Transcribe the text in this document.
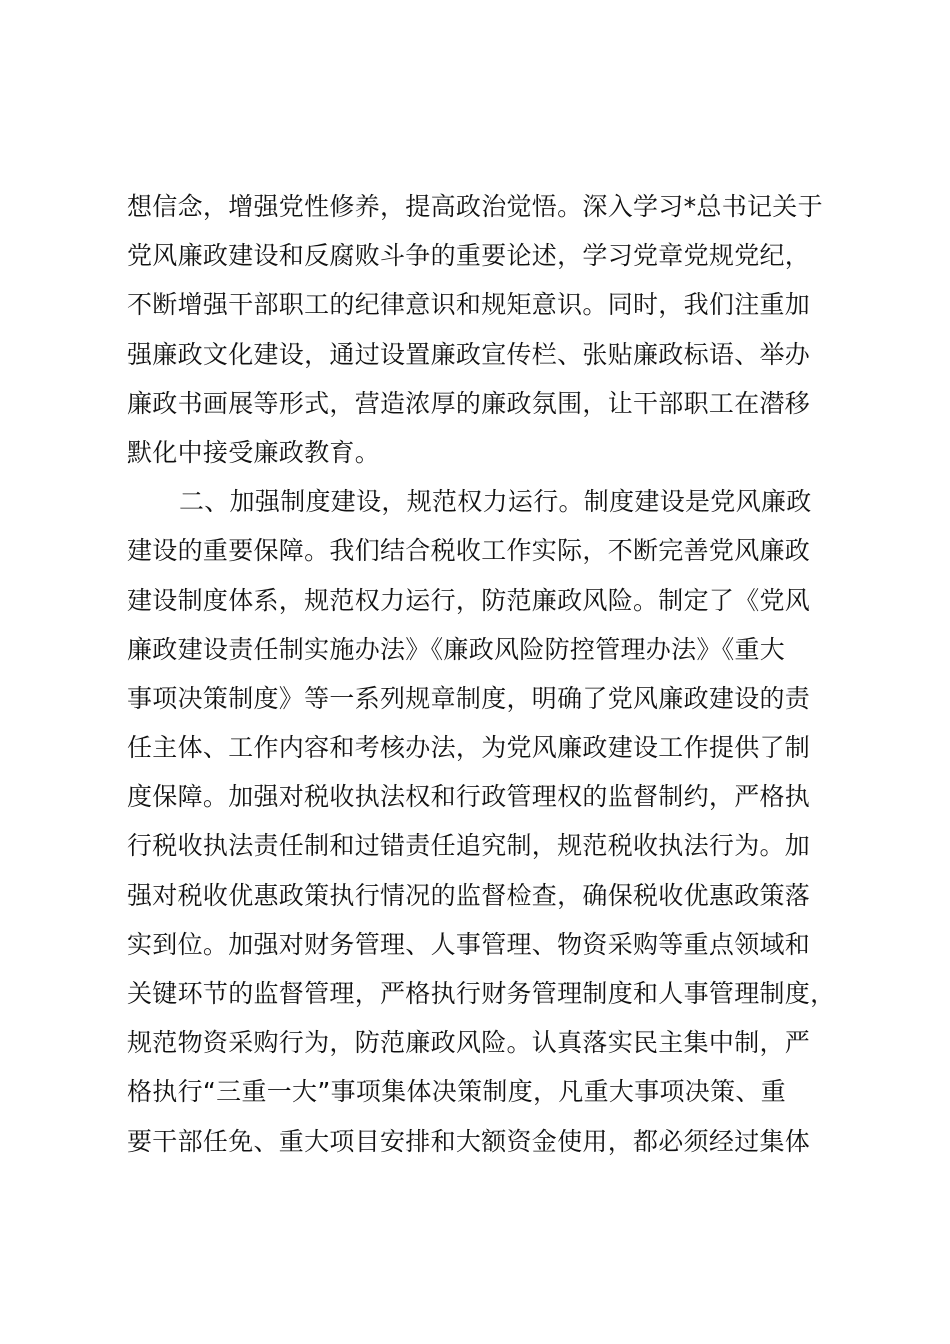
想信念，增强党性修养，提高政治觉悟。深入学习*总书记关于
党风廉政建设和反腐败斗争的重要论述，学习党章党规党纪，
不断增强干部职工的纪律意识和规矩意识。同时，我们注重加
强廉政文化建设，通过设置廉政宣传栏、张贴廉政标语、举办
廉政书画展等形式，营造浓厚的廉政氛围，让干部职工在潜移
默化中接受廉政教育。
二、加强制度建设，规范权力运行。制度建设是党风廉政
建设的重要保障。我们结合税收工作实际，不断完善党风廉政
建设制度体系，规范权力运行，防范廉政风险。制定了《党风
廉政建设责任制实施办法》《廉政风险防控管理办法》《重大
事项决策制度》等一系列规章制度，明确了党风廉政建设的责
任主体、工作内容和考核办法，为党风廉政建设工作提供了制
度保障。加强对税收执法权和行政管理权的监督制约，严格执
行税收执法责任制和过错责任追究制，规范税收执法行为。加
强对税收优惠政策执行情况的监督检查，确保税收优惠政策落
实到位。加强对财务管理、人事管理、物资采购等重点领域和
关键环节的监督管理，严格执行财务管理制度和人事管理制度，
规范物资采购行为，防范廉政风险。认真落实民主集中制，严
格执行“三重一大”事项集体决策制度，凡重大事项决策、重
要干部任免、重大项目安排和大额资金使用，都必须经过集体
